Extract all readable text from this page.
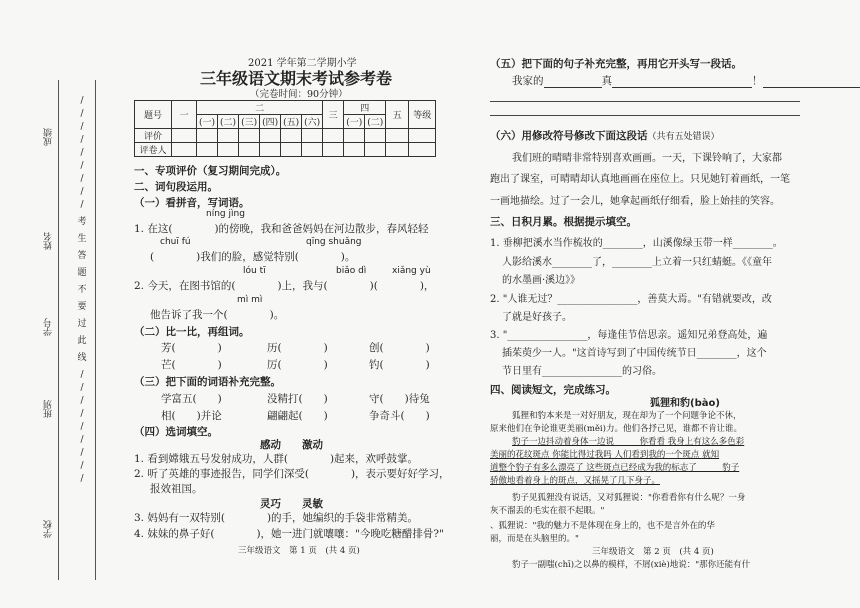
成绩
姓名
学号
班别
学校
/
/
/
/
/
/
/
/
/
考
生
答
题
不
要
过
此
线
/
/
/
/
/
/
/
/
/
2021 学年第二学期小学
三年级语文期末考试参考卷
（完卷时间：90分钟）
题号	一	二						三	四		五	等级
		(一)	(二)	(三)	(四)	(五)	(六)		(一)	(二)		
评价												
评卷人												
一、专项评价（复习期间完成）。
二、词句段运用。
（一）看拼音，写词语。
níng jìng
1. 在这(　　　　)的傍晚，我和爸爸妈妈在河边散步，春风轻轻
chuī fú	qīng shuǎng
(　　　　)我们的脸，感觉特别(　　　　)。
lóu tī	biǎo dì	xiǎng yù
2. 今天，在图书馆的(　　　　)上，我与(　　　　)(　　　　)，
mì mì
他告诉了我一个(　　　　)。
（二）比一比，再组词。
芳(　　　　)	历(　　　　)	创(　　　　)
芒(　　　　)	厉(　　　　)	钓(　　　　)
（三）把下面的词语补充完整。
学富五(　　)	没精打(　　)	守(　　)待兔
相(　　)并论	翩翩起(　　)	争奇斗(　　)
（四）选词填空。
感动　　激动
1. 看到嫦娥五号发射成功，人群(　　　　)起来，欢呼鼓掌。
2. 听了英雄的事迹报告，同学们深受(　　　　)，表示要好好学习，
报效祖国。
灵巧　　灵敏
3. 妈妈有一双特别(　　　　)的手，她编织的手袋非常精美。
4. 妹妹的鼻子好(　　　　)，她一进门就嚷嚷："今晚吃糖醋排骨?"
三年级语文　第 1 页　(共 4 页)
（五）把下面的句子补充完整，再用它开头写一段话。
我家的	真	！
（六）用修改符号修改下面这段话（共有五处错误）
我们班的晴晴非常特别喜欢画画。一天，下课铃响了，大家都
跑出了课室，可晴晴却认真地画画在座位上。只见她钉着画纸，一笔
一画地描绘。过了一会儿，她拿起画纸仔细看，脸上始挂的笑容。
三、日积月累。根据提示填空。
1. 垂柳把溪水当作梳妆的________，山溪像绿玉带一样________。
人影给溪水________了，________上立着一只红蜻蜓。《《童年
的水墨画·溪边》》
2. "人谁无过？________________，善莫大焉。"有错就要改，改
了就是好孩子。
3. "________________，每逢佳节倍思亲。遥知兄弟登高处，遍
插茱萸少一人。"这首诗写到了中国传统节日________，这个
节日里有________________的习俗。
四、阅读短文，完成练习。
狐狸和豹(bào)
狐狸和豹本来是一对好朋友，现在却为了一个问题争论不休，
原来他们在争论谁更美丽(měi)力。他们各抒己见，谁都不肯让谁。
豹子一边抖动着身体一边说______你看看 我身上有这么多色彩
美丽的花纹斑点 你能比得过我吗 人们看到我的一个斑点 就知
道整个豹子有多么漂亮了 这些斑点已经成为我的标志了______豹子
骄傲地看着身上的斑点，又摇晃了几下身子。
豹子见狐狸没有说话，又对狐狸说："你看看你有什么呢？一身
灰不溜丢的毛实在很不起眼。"
、狐狸说："我的魅力不是体现在身上的，也不是言外在的华
丽，而是在头脑里的。"
三年级语文　第 2 页　(共 4 页)
豹子一副嗤(chī)之以鼻的模样，不屑(xiè)地说："那你还能有什
